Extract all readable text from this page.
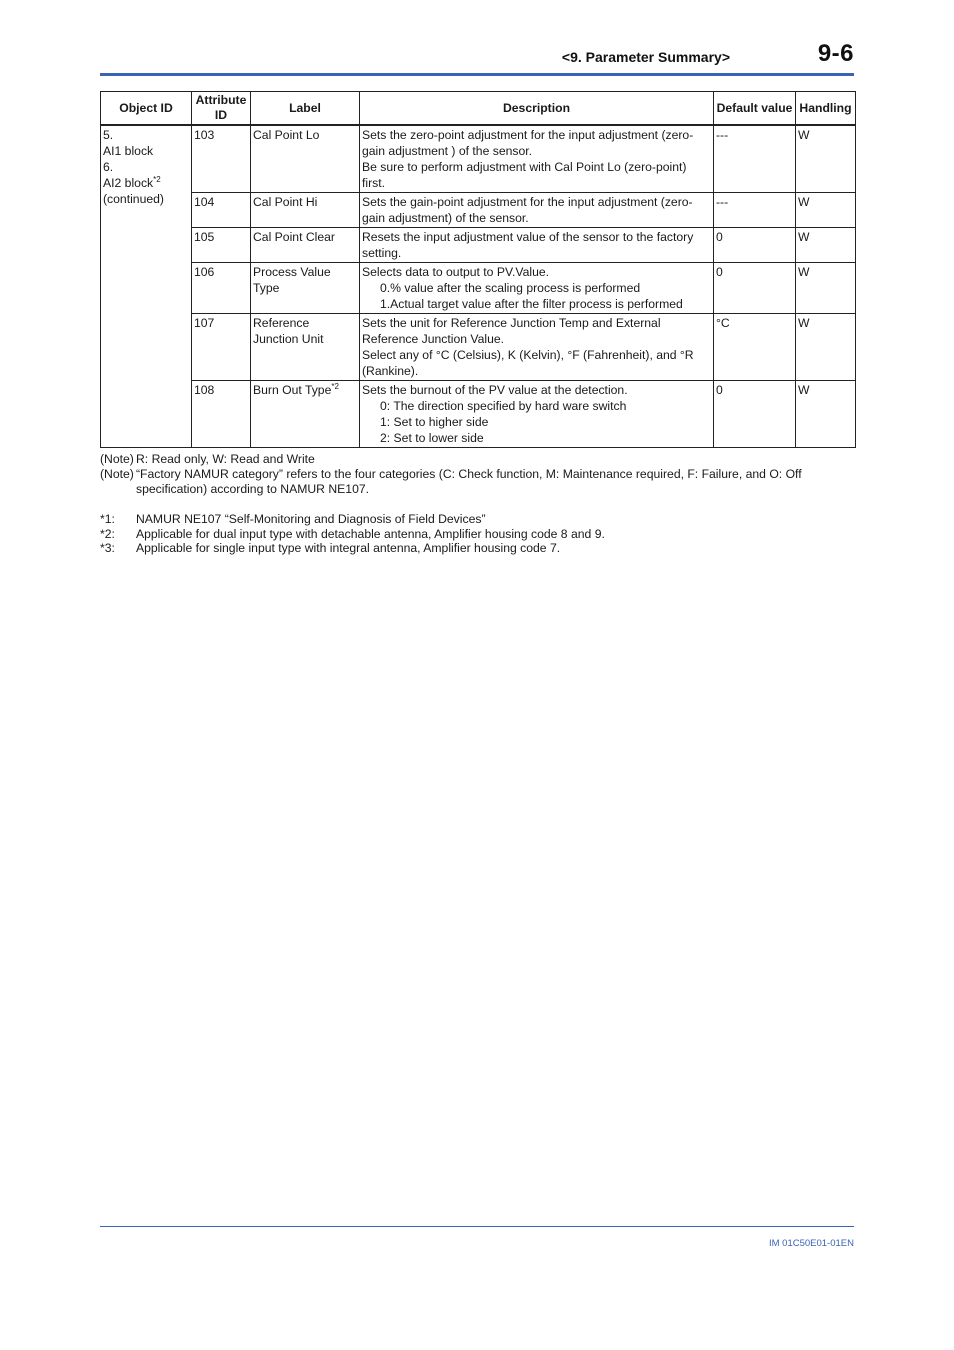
<9. Parameter Summary>	9-6
Object ID	Attribute ID	Label	Description	Default value	Handling

5.
AI1 block
6.
AI2 block$^{*2}$
(continued)	103	Cal Point Lo	Sets the zero-point adjustment for the input adjustment (zero-gain adjustment ) of the sensor.
Be sure to perform adjustment with Cal Point Lo (zero-point) first.	---	W
	104	Cal Point Hi	Sets the gain-point adjustment for the input adjustment (zero-gain adjustment) of the sensor.	---	W
	105	Cal Point Clear	Resets the input adjustment value of the sensor to the factory setting.	0	W
	106	Process Value Type	Selects data to output to PV.Value.
0.% value after the scaling process is performed
1.Actual target value after the filter process is performed	0	W
	107	Reference Junction Unit	Sets the unit for Reference Junction Temp and External Reference Junction Value.
Select any of °C (Celsius), K (Kelvin), °F (Fahrenheit), and °R (Rankine).	°C	W
	108	Burn Out Type$^{*2}$	Sets the burnout of the PV value at the detection.
0: The direction specified by hard ware switch
1: Set to higher side
2: Set to lower side	0	W
(Note) R: Read only, W: Read and Write
(Note) “Factory NAMUR category” refers to the four categories (C: Check function, M: Maintenance required, F: Failure, and O: Off specification) according to NAMUR NE107.
*1:	NAMUR NE107 “Self-Monitoring and Diagnosis of Field Devices”
*2:	Applicable for dual input type with detachable antenna, Amplifier housing code 8 and 9.
*3:	Applicable for single input type with integral antenna, Amplifier housing code 7.
IM 01C50E01-01EN
